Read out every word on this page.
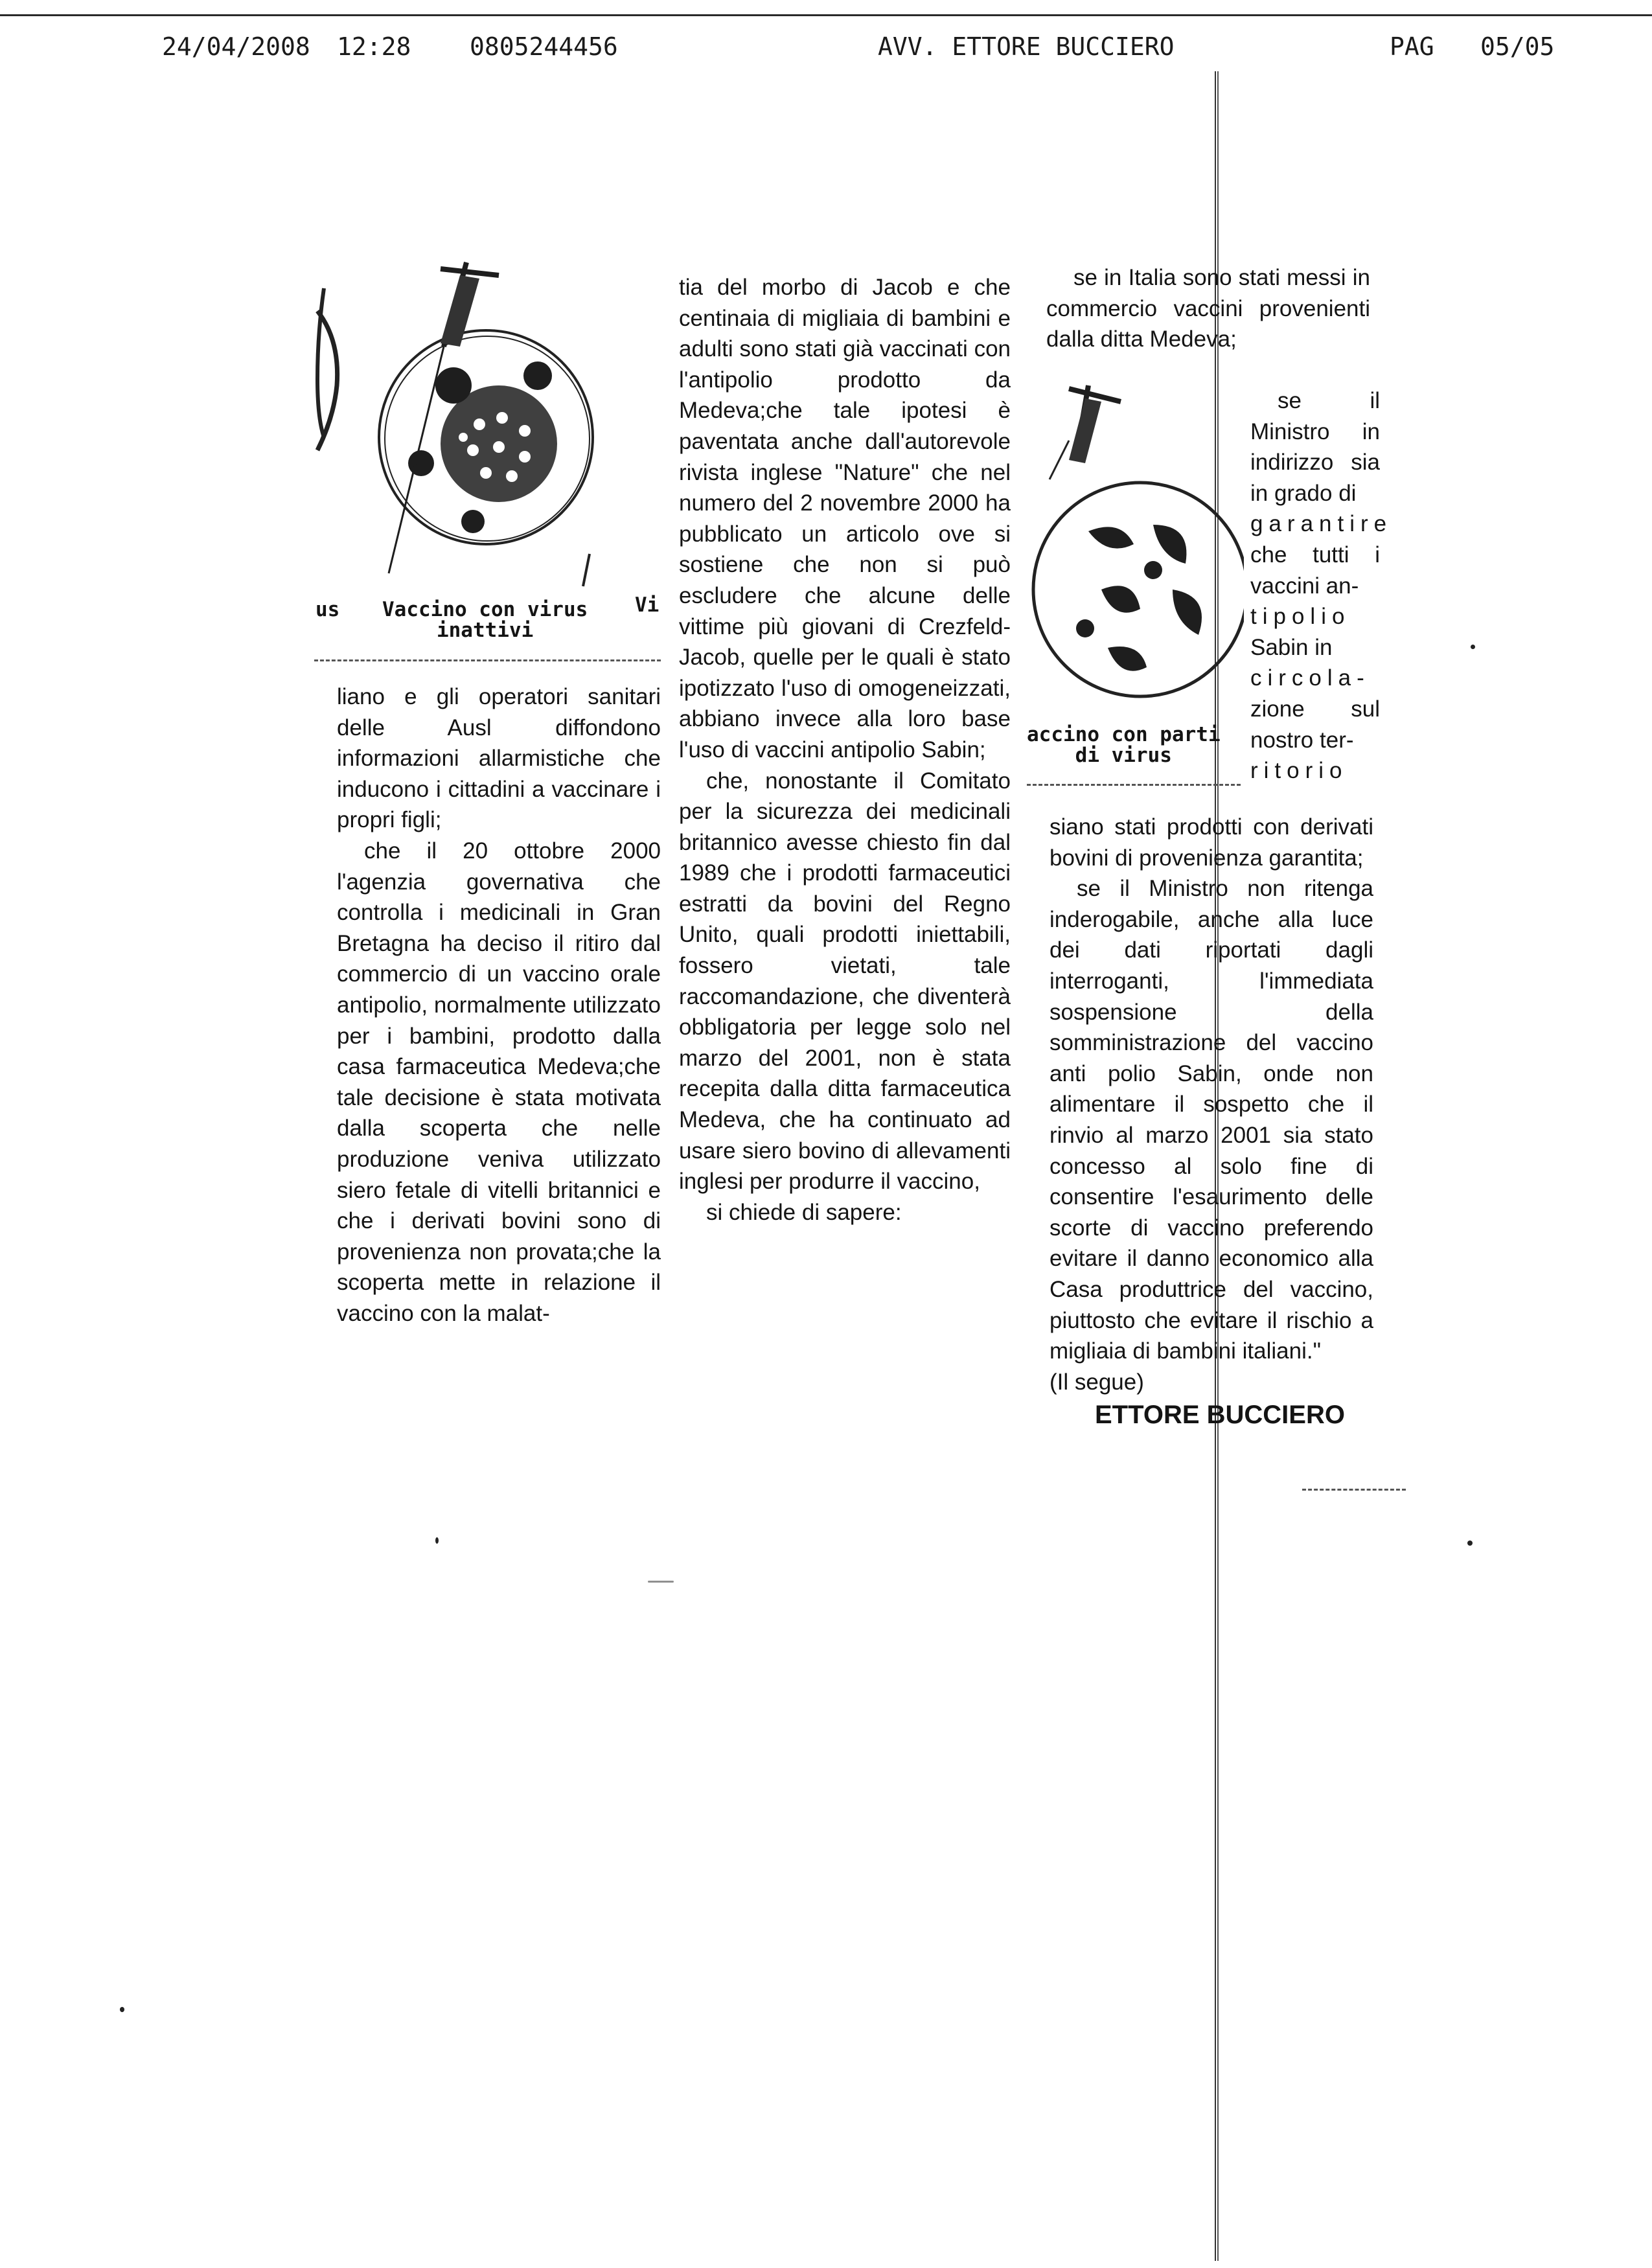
24/04/2008 12:28 0805244456	AVV. ETTORE BUCCIERO	PAG 05/05
Vaccino con virus
inattivi
us	Vi

liano e gli operatori sanitari delle Ausl diffondono informazioni allarmistiche che inducono i cittadini a vaccinare i propri figli;

che il 20 ottobre 2000 l'agenzia governativa che controlla i medicinali in Gran Bretagna ha deciso il ritiro dal commercio di un vaccino orale antipolio, normalmente utilizzato per i bambini, prodotto dalla casa farmaceutica Medeva;che tale decisione è stata motivata dalla scoperta che nelle produzione veniva utilizzato siero fetale di vitelli britannici e che i derivati bovini sono di provenienza non provata;che la scoperta mette in relazione il vaccino con la malat-

tia del morbo di Jacob e che centinaia di migliaia di bambini e adulti sono stati già vaccinati con l'antipolio prodotto da Medeva;che tale ipotesi è paventata anche dall'autorevole rivista inglese "Nature" che nel numero del 2 novembre 2000 ha pubblicato un articolo ove si sostiene che non si può escludere che alcune delle vittime più giovani di Crezfeld-Jacob, quelle per le quali è stato ipotizzato l'uso di omogeneizzati, abbiano invece alla loro base l'uso di vaccini antipolio Sabin;

che, nonostante il Comitato per la sicurezza dei medicinali britannico avesse chiesto fin dal 1989 che i prodotti farmaceutici estratti da bovini del Regno Unito, quali prodotti iniettabili, fossero vietati, tale raccomandazione, che diventerà obbligatoria per legge solo nel marzo del 2001, non è stata recepita dalla ditta farmaceutica Medeva, che ha continuato ad usare siero bovino di allevamenti inglesi per produrre il vaccino,

si chiede di sapere:

se in Italia sono stati messi in commercio vaccini provenienti dalla ditta Medeva;

se il Ministro in indirizzo sia in grado di

garantire

che tutti i vaccini an-

tipolio

Sabin in

circola-

zione sul nostro ter-

ritorio

accino con parti
di virus

siano stati prodotti con derivati bovini di provenienza garantita;

se il Ministro non ritenga inderogabile, anche alla luce dei dati riportati dagli interroganti, l'immediata sospensione della somministrazione del vaccino anti polio Sabin, onde non alimentare il sospetto che il rinvio al marzo 2001 sia stato concesso al solo fine di consentire l'esaurimento delle scorte di vaccino preferendo evitare il danno economico alla Casa produttrice del vaccino, piuttosto che evitare il rischio a migliaia di bambini italiani."

(Il segue)

ETTORE BUCCIERO
